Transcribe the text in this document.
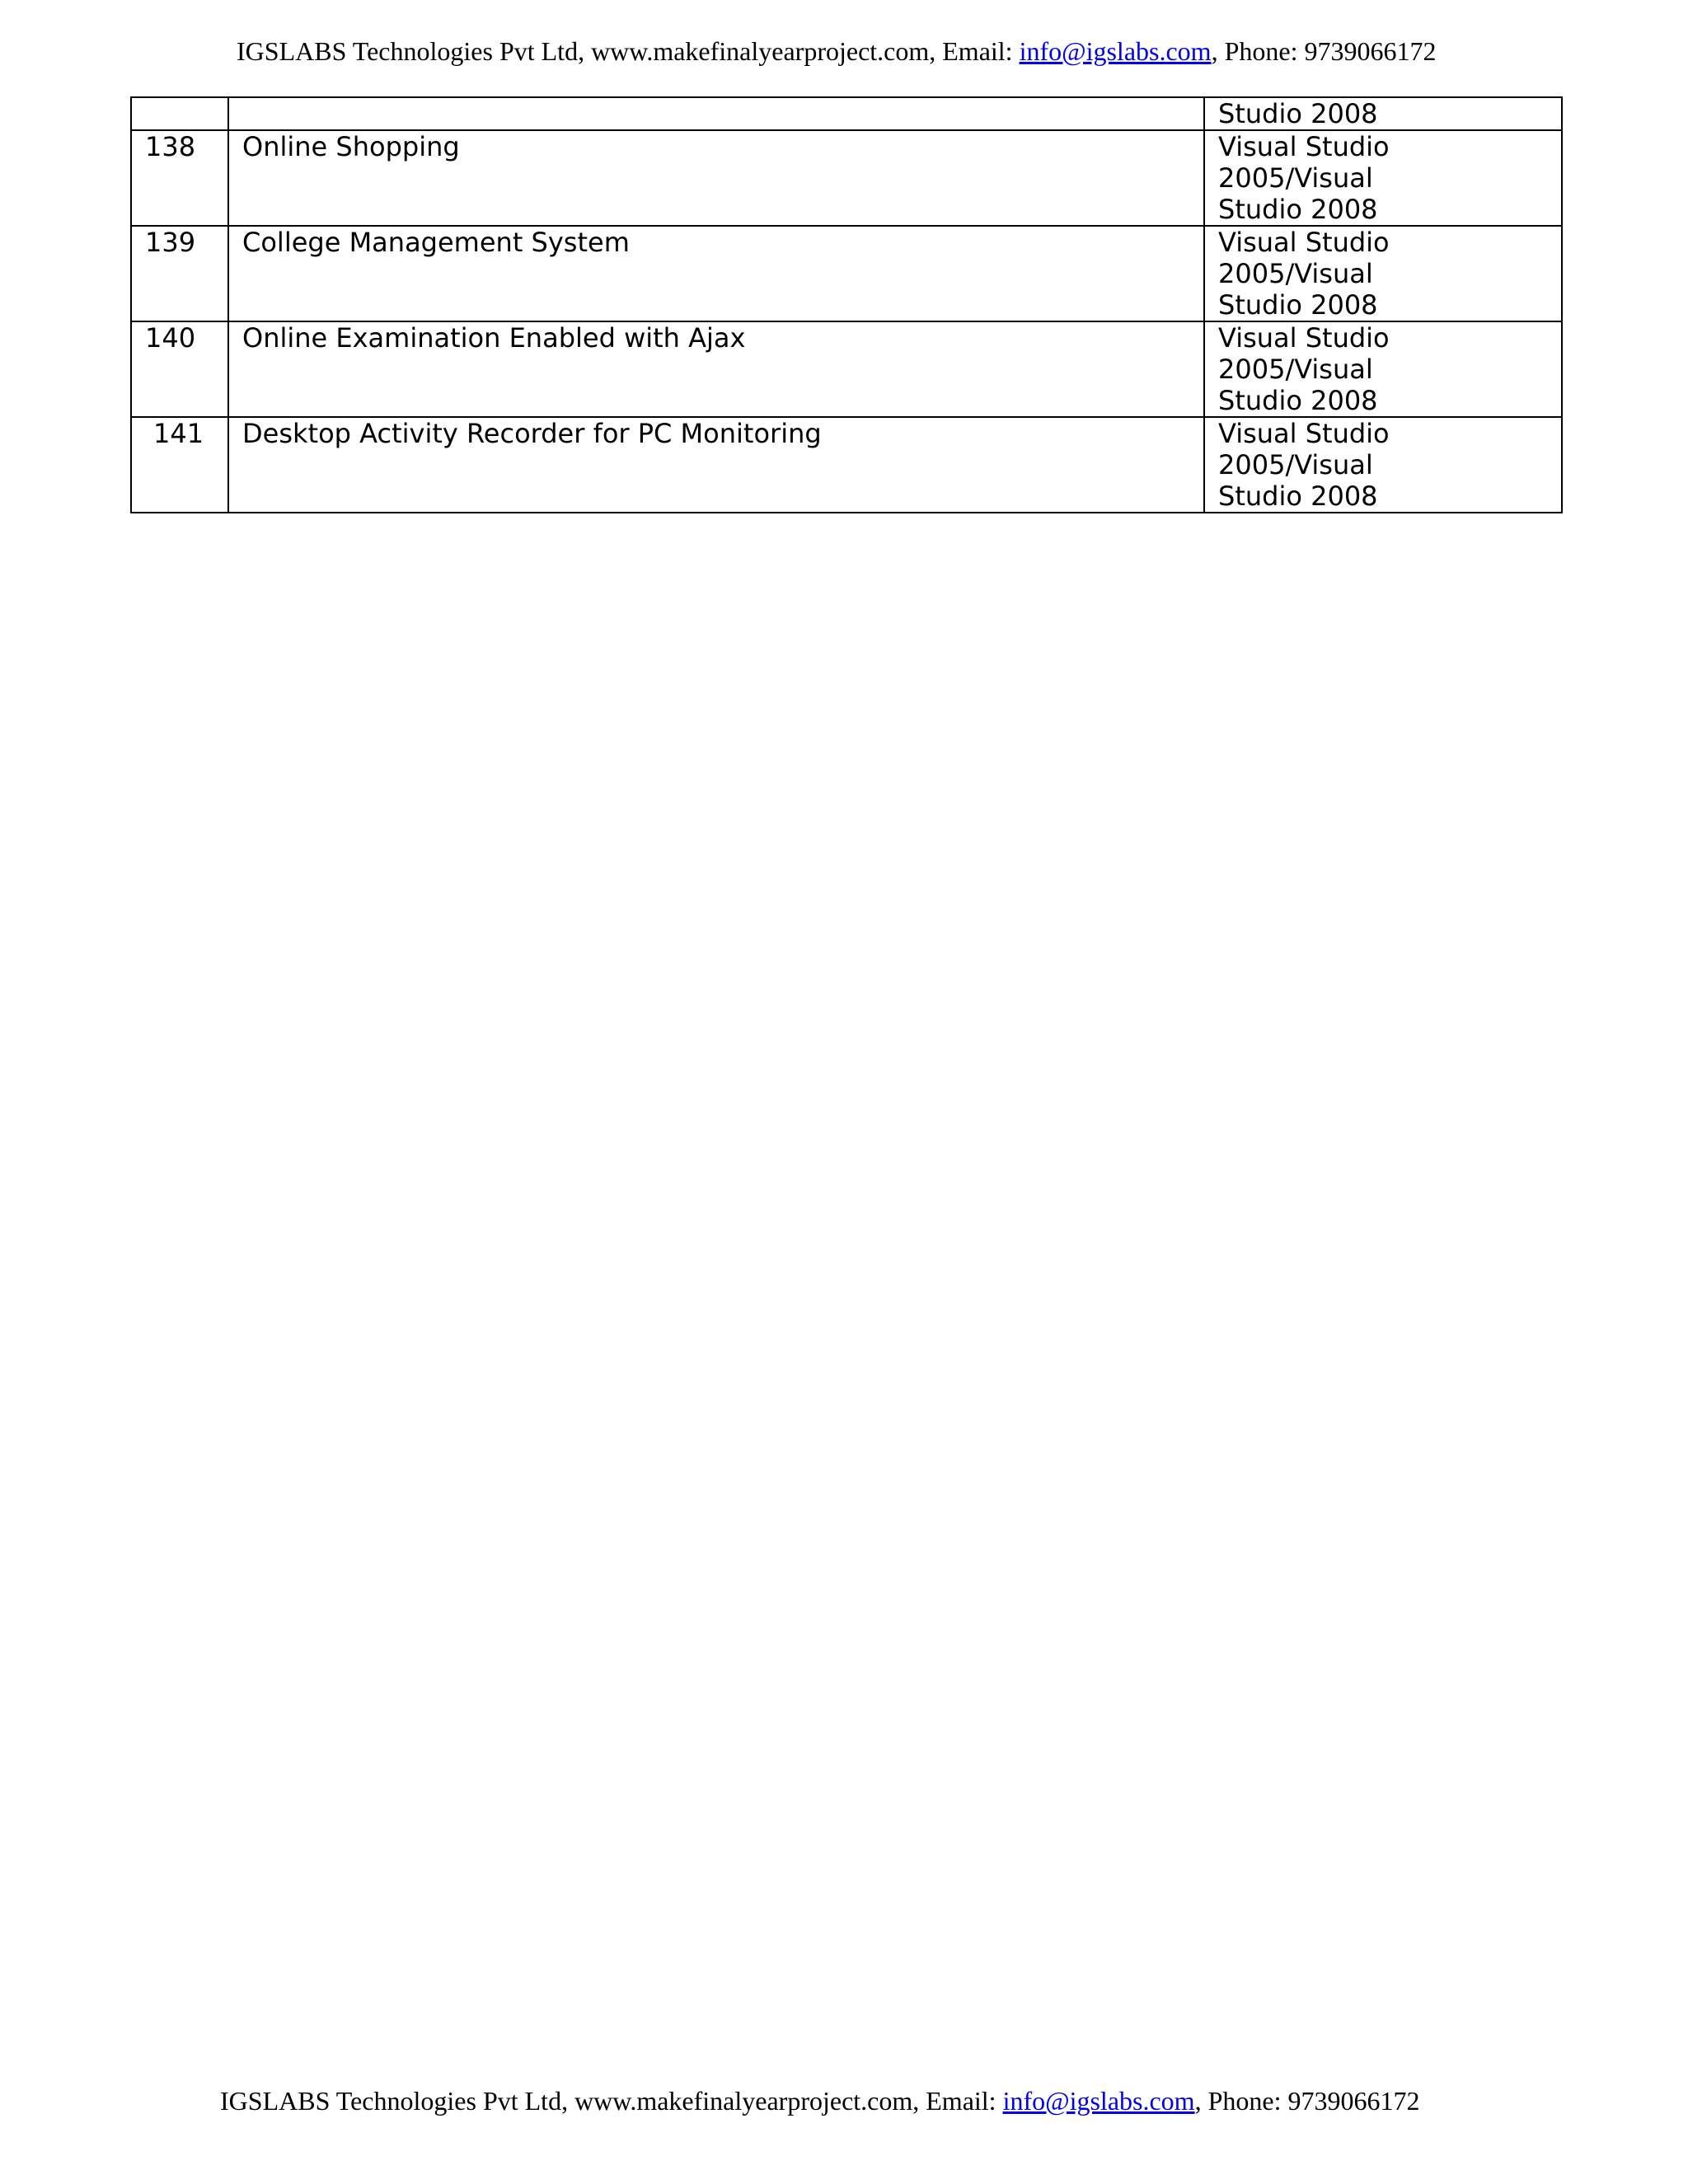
IGSLABS Technologies Pvt Ltd, www.makefinalyearproject.com, Email: info@igslabs.com, Phone: 9739066172
		Studio 2008
138	Online Shopping	Visual Studio 2005/Visual
Studio 2008

139	College Management System	Visual Studio 2005/Visual
Studio 2008

140	Online Examination Enabled with Ajax	Visual Studio 2005/Visual
Studio 2008

141	Desktop Activity Recorder for PC Monitoring	Visual Studio 2005/Visual
Studio 2008
IGSLABS Technologies Pvt Ltd, www.makefinalyearproject.com, Email: info@igslabs.com, Phone: 9739066172
